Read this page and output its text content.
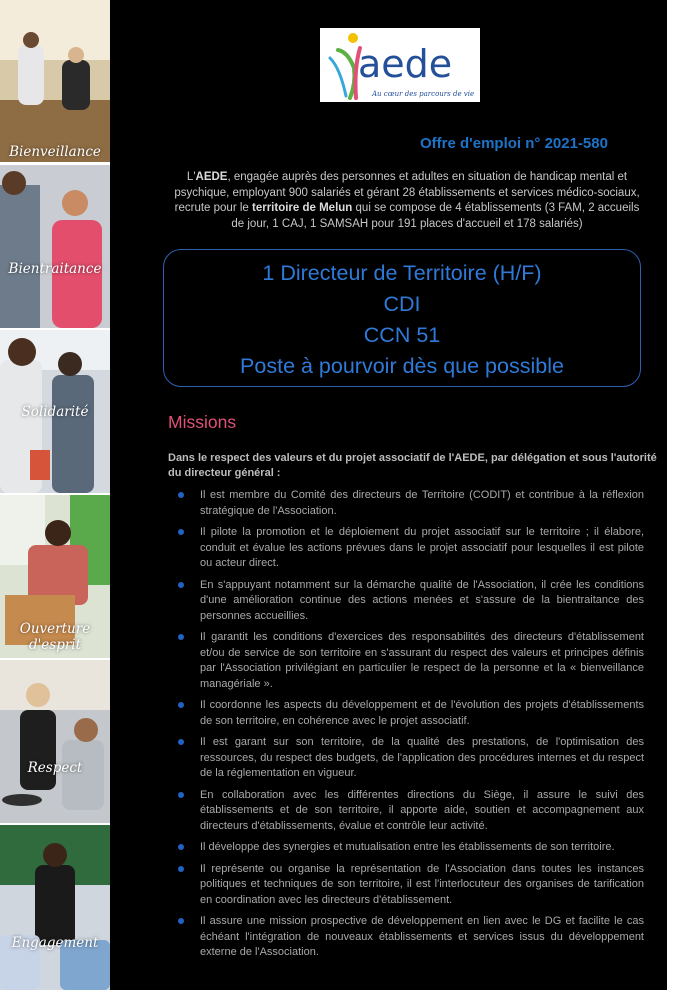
Bienveillance
Bientraitance
Solidarité
Ouverture
d'esprit
Respect
Engagement
aede
Au cœur des parcours de vie
Offre d'emploi n° 2021-580
L'AEDE, engagée auprès des personnes et adultes en situation de handicap mental et psychique, employant 900 salariés et gérant 28 établissements et services médico-sociaux, recrute pour le territoire de Melun qui se compose de 4 établissements (3 FAM, 2 accueils de jour, 1 CAJ, 1 SAMSAH pour 191 places d'accueil et 178 salariés)
1 Directeur de Territoire (H/F)
CDI
CCN 51
Poste à pourvoir dès que possible
Missions
Dans le respect des valeurs et du projet associatif de l'AEDE, par délégation et sous l'autorité du directeur général :
Il est membre du Comité des directeurs de Territoire (CODIT) et contribue à la réflexion stratégique de l'Association.
Il pilote la promotion et le déploiement du projet associatif sur le territoire ; il élabore, conduit et évalue les actions prévues dans le projet associatif pour lesquelles il est pilote ou acteur direct.
En s'appuyant notamment sur la démarche qualité de l'Association, il crée les conditions d'une amélioration continue des actions menées et s'assure de la bientraitance des personnes accueillies.
Il garantit les conditions d'exercices des responsabilités des directeurs d'établissement et/ou de service de son territoire en s'assurant du respect des valeurs et principes définis par l'Association privilégiant en particulier le respect de la personne et la « bienveillance managériale ».
Il coordonne les aspects du développement et de l'évolution des projets d'établissements de son territoire, en cohérence avec le projet associatif.
Il est garant sur son territoire, de la qualité des prestations, de l'optimisation des ressources, du respect des budgets, de l'application des procédures internes et du respect de la réglementation en vigueur.
En collaboration avec les différentes directions du Siège, il assure le suivi des établissements et de son territoire, il apporte aide, soutien et accompagnement aux directeurs d'établissements, évalue et contrôle leur activité.
Il développe des synergies et mutualisation entre les établissements de son territoire.
Il représente ou organise la représentation de l'Association dans toutes les instances politiques et techniques de son territoire, il est l'interlocuteur des organises de tarification en coordination avec les directeurs d'établissement.
Il assure une mission prospective de développement en lien avec le DG et facilite le cas échéant l'intégration de nouveaux établissements et services issus du développement externe de l'Association.
